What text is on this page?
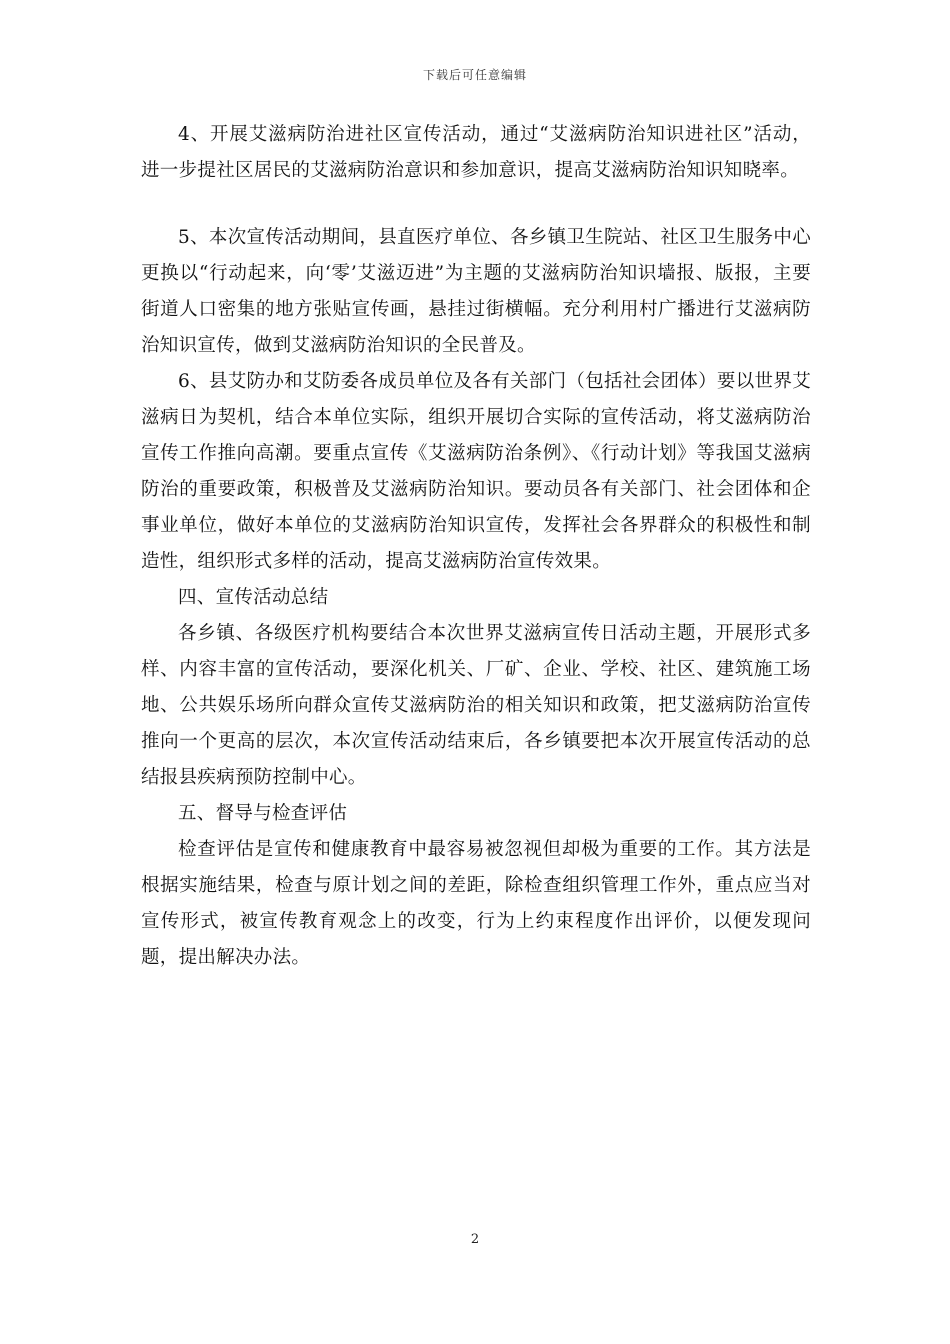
下载后可任意编辑

4、开展艾滋病防治进社区宣传活动，通过“艾滋病防治知识进社区”活动，进一步提社区居民的艾滋病防治意识和参加意识，提高艾滋病防治知识知晓率。

5、本次宣传活动期间，县直医疗单位、各乡镇卫生院站、社区卫生服务中心更换以“行动起来，向‘零’艾滋迈进”为主题的艾滋病防治知识墙报、版报，主要街道人口密集的地方张贴宣传画，悬挂过街横幅。充分利用村广播进行艾滋病防治知识宣传，做到艾滋病防治知识的全民普及。

6、县艾防办和艾防委各成员单位及各有关部门（包括社会团体）要以世界艾滋病日为契机，结合本单位实际，组织开展切合实际的宣传活动，将艾滋病防治宣传工作推向高潮。要重点宣传《艾滋病防治条例》、《行动计划》等我国艾滋病防治的重要政策，积极普及艾滋病防治知识。要动员各有关部门、社会团体和企事业单位，做好本单位的艾滋病防治知识宣传，发挥社会各界群众的积极性和制造性，组织形式多样的活动，提高艾滋病防治宣传效果。

四、宣传活动总结

各乡镇、各级医疗机构要结合本次世界艾滋病宣传日活动主题，开展形式多样、内容丰富的宣传活动，要深化机关、厂矿、企业、学校、社区、建筑施工场地、公共娱乐场所向群众宣传艾滋病防治的相关知识和政策，把艾滋病防治宣传推向一个更高的层次，本次宣传活动结束后，各乡镇要把本次开展宣传活动的总结报县疾病预防控制中心。

五、督导与检查评估

检查评估是宣传和健康教育中最容易被忽视但却极为重要的工作。其方法是根据实施结果，检查与原计划之间的差距，除检查组织管理工作外，重点应当对宣传形式，被宣传教育观念上的改变，行为上约束程度作出评价，以便发现问题，提出解决办法。

2
